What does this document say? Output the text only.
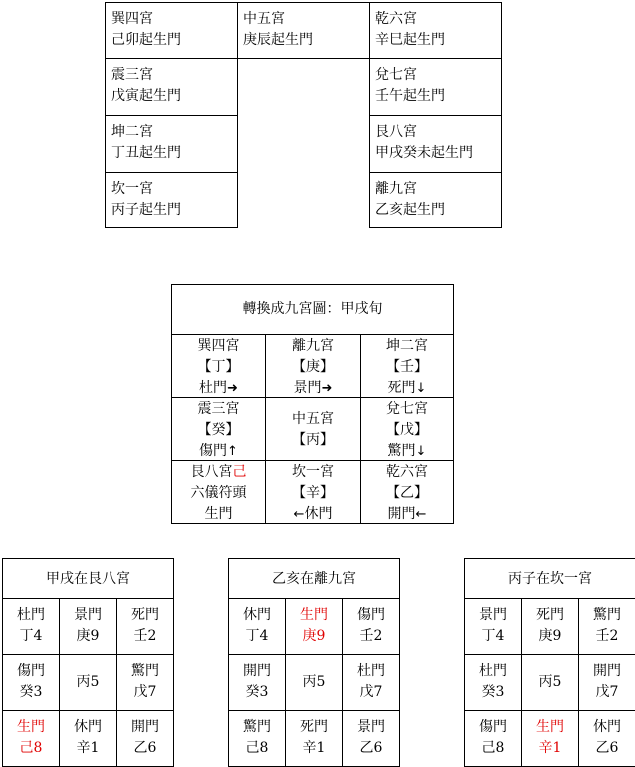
巽四宮
己卯起生門
震三宮
戊寅起生門
坤二宮
丁丑起生門
坎一宮
丙子起生門
中五宮
庚辰起生門
乾六宮
辛巳起生門
兌七宮
壬午起生門
艮八宮
甲戌癸未起生門
離九宮
乙亥起生門
轉換成九宮圖：甲戌旬
巽四宮
【丁】
杜門➜
離九宮
【庚】
景門➜
坤二宮
【壬】
死門↓
震三宮
【癸】
傷門↑
中五宮
【丙】
兌七宮
【戊】
驚門↓
艮八宮己
六儀符頭
生門
坎一宮
【辛】
←休門
乾六宮
【乙】
開門←
甲戌在艮八宮
杜門
丁4
景門
庚9
死門
壬2
傷門
癸3
丙5
驚門
戊7
生門
己8
休門
辛1
開門
乙6
乙亥在離九宮
休門
丁4
生門
庚9
傷門
壬2
開門
癸3
丙5
杜門
戊7
驚門
己8
死門
辛1
景門
乙6
丙子在坎一宮
景門
丁4
死門
庚9
驚門
壬2
杜門
癸3
丙5
開門
戊7
傷門
己8
生門
辛1
休門
乙6
